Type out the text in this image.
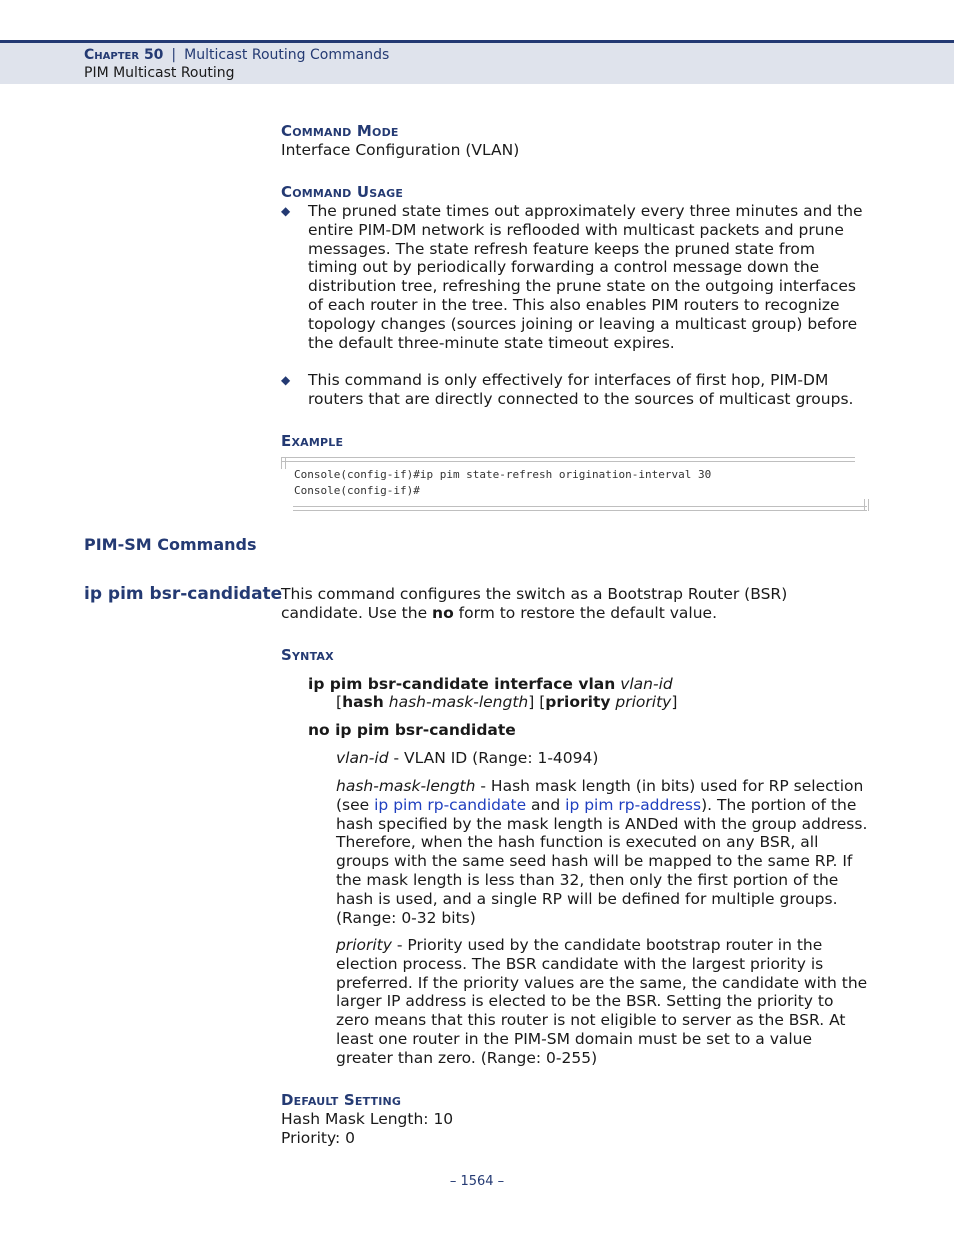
Chapter 50 | Multicast Routing Commands
PIM Multicast Routing
Command Mode
Interface Configuration (VLAN)
Command Usage
◆ The pruned state times out approximately every three minutes and the entire PIM-DM network is reflooded with multicast packets and prune messages. The state refresh feature keeps the pruned state from timing out by periodically forwarding a control message down the distribution tree, refreshing the prune state on the outgoing interfaces of each router in the tree. This also enables PIM routers to recognize topology changes (sources joining or leaving a multicast group) before the default three-minute state timeout expires.
◆ This command is only effectively for interfaces of first hop, PIM-DM routers that are directly connected to the sources of multicast groups.
Example
Console(config-if)#ip pim state-refresh origination-interval 30
Console(config-if)#
PIM-SM Commands
ip pim bsr-candidate
This command configures the switch as a Bootstrap Router (BSR) candidate. Use the no form to restore the default value.
Syntax
ip pim bsr-candidate interface vlan vlan-id
[hash hash-mask-length] [priority priority]
no ip pim bsr-candidate
vlan-id - VLAN ID (Range: 1-4094)
hash-mask-length - Hash mask length (in bits) used for RP selection (see ip pim rp-candidate and ip pim rp-address). The portion of the hash specified by the mask length is ANDed with the group address. Therefore, when the hash function is executed on any BSR, all groups with the same seed hash will be mapped to the same RP. If the mask length is less than 32, then only the first portion of the hash is used, and a single RP will be defined for multiple groups. (Range: 0-32 bits)
priority - Priority used by the candidate bootstrap router in the election process. The BSR candidate with the largest priority is preferred. If the priority values are the same, the candidate with the larger IP address is elected to be the BSR. Setting the priority to zero means that this router is not eligible to server as the BSR. At least one router in the PIM-SM domain must be set to a value greater than zero. (Range: 0-255)
Default Setting
Hash Mask Length: 10
Priority: 0
– 1564 –
